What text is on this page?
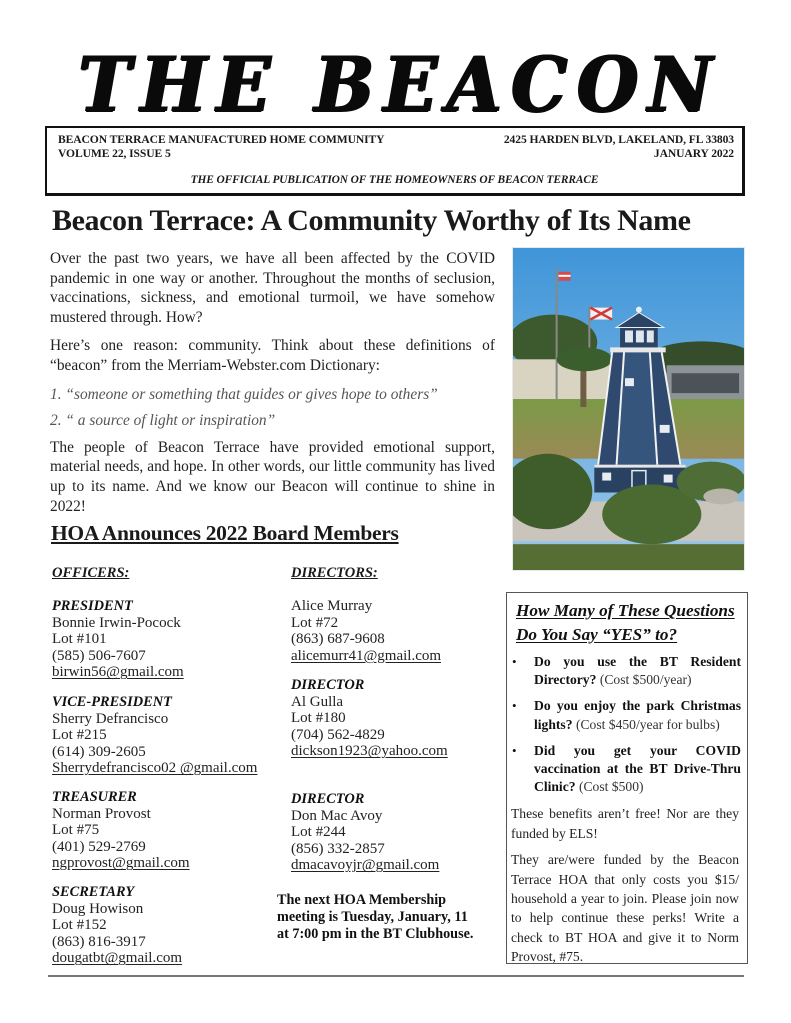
THE BEACON
BEACON TERRACE MANUFACTURED HOME COMMUNITY
VOLUME 22, ISSUE 5
2425 HARDEN BLVD, LAKELAND, FL 33803
JANUARY 2022
THE OFFICIAL PUBLICATION OF THE HOMEOWNERS OF BEACON TERRACE
Beacon Terrace: A Community Worthy of Its Name

Over the past two years, we have all been affected by the COVID pandemic in one way or another. Throughout the months of seclusion, vaccinations, sickness, and emotional turmoil, we have somehow mustered through. How?

Here’s one reason: community. Think about these definitions of “beacon” from the Merriam-Webster.com Dictionary:

1. “someone or something that guides or gives hope to others”

2. “ a source of light or inspiration”

The people of Beacon Terrace have provided emotional support, material needs, and hope. In other words, our little community has lived up to its name. And we know our Beacon will continue to shine in 2022!

HOA Announces 2022 Board Members
OFFICERS:	DIRECTORS:
PRESIDENT
Bonnie Irwin-Pocock
Lot #101
(585) 506-7607
birwin56@gmail.com
VICE-PRESIDENT
Sherry Defrancisco
Lot #215
(614) 309-2605
Sherrydefrancisco02 @gmail.com
TREASURER
Norman Provost
Lot #75
(401) 529-2769
ngprovost@gmail.com
SECRETARY
Doug Howison
Lot #152
(863) 816-3917
dougatbt@gmail.com
Alice Murray
Lot #72
(863) 687-9608
alicemurr41@gmail.com
DIRECTOR
Al Gulla
Lot #180
(704) 562-4829
dickson1923@yahoo.com
DIRECTOR
Don Mac Avoy
Lot #244
(856) 332-2857
dmacavoyjr@gmail.com
The next HOA Membership meeting is Tuesday, January, 11 at 7:00 pm in the BT Clubhouse.
How Many of These Questions Do You Say “YES” to?
• Do you use the BT Resident Directory? (Cost $500/year)
• Do you enjoy the park Christmas lights? (Cost $450/year for bulbs)
• Did you get your COVID vaccination at the BT Drive-Thru Clinic? (Cost $500)

These benefits aren’t free! Nor are they funded by ELS!

They are/were funded by the Beacon Terrace HOA that only costs you $15/ household a year to join. Please join now to help continue these perks! Write a check to BT HOA and give it to Norm Provost, #75.
